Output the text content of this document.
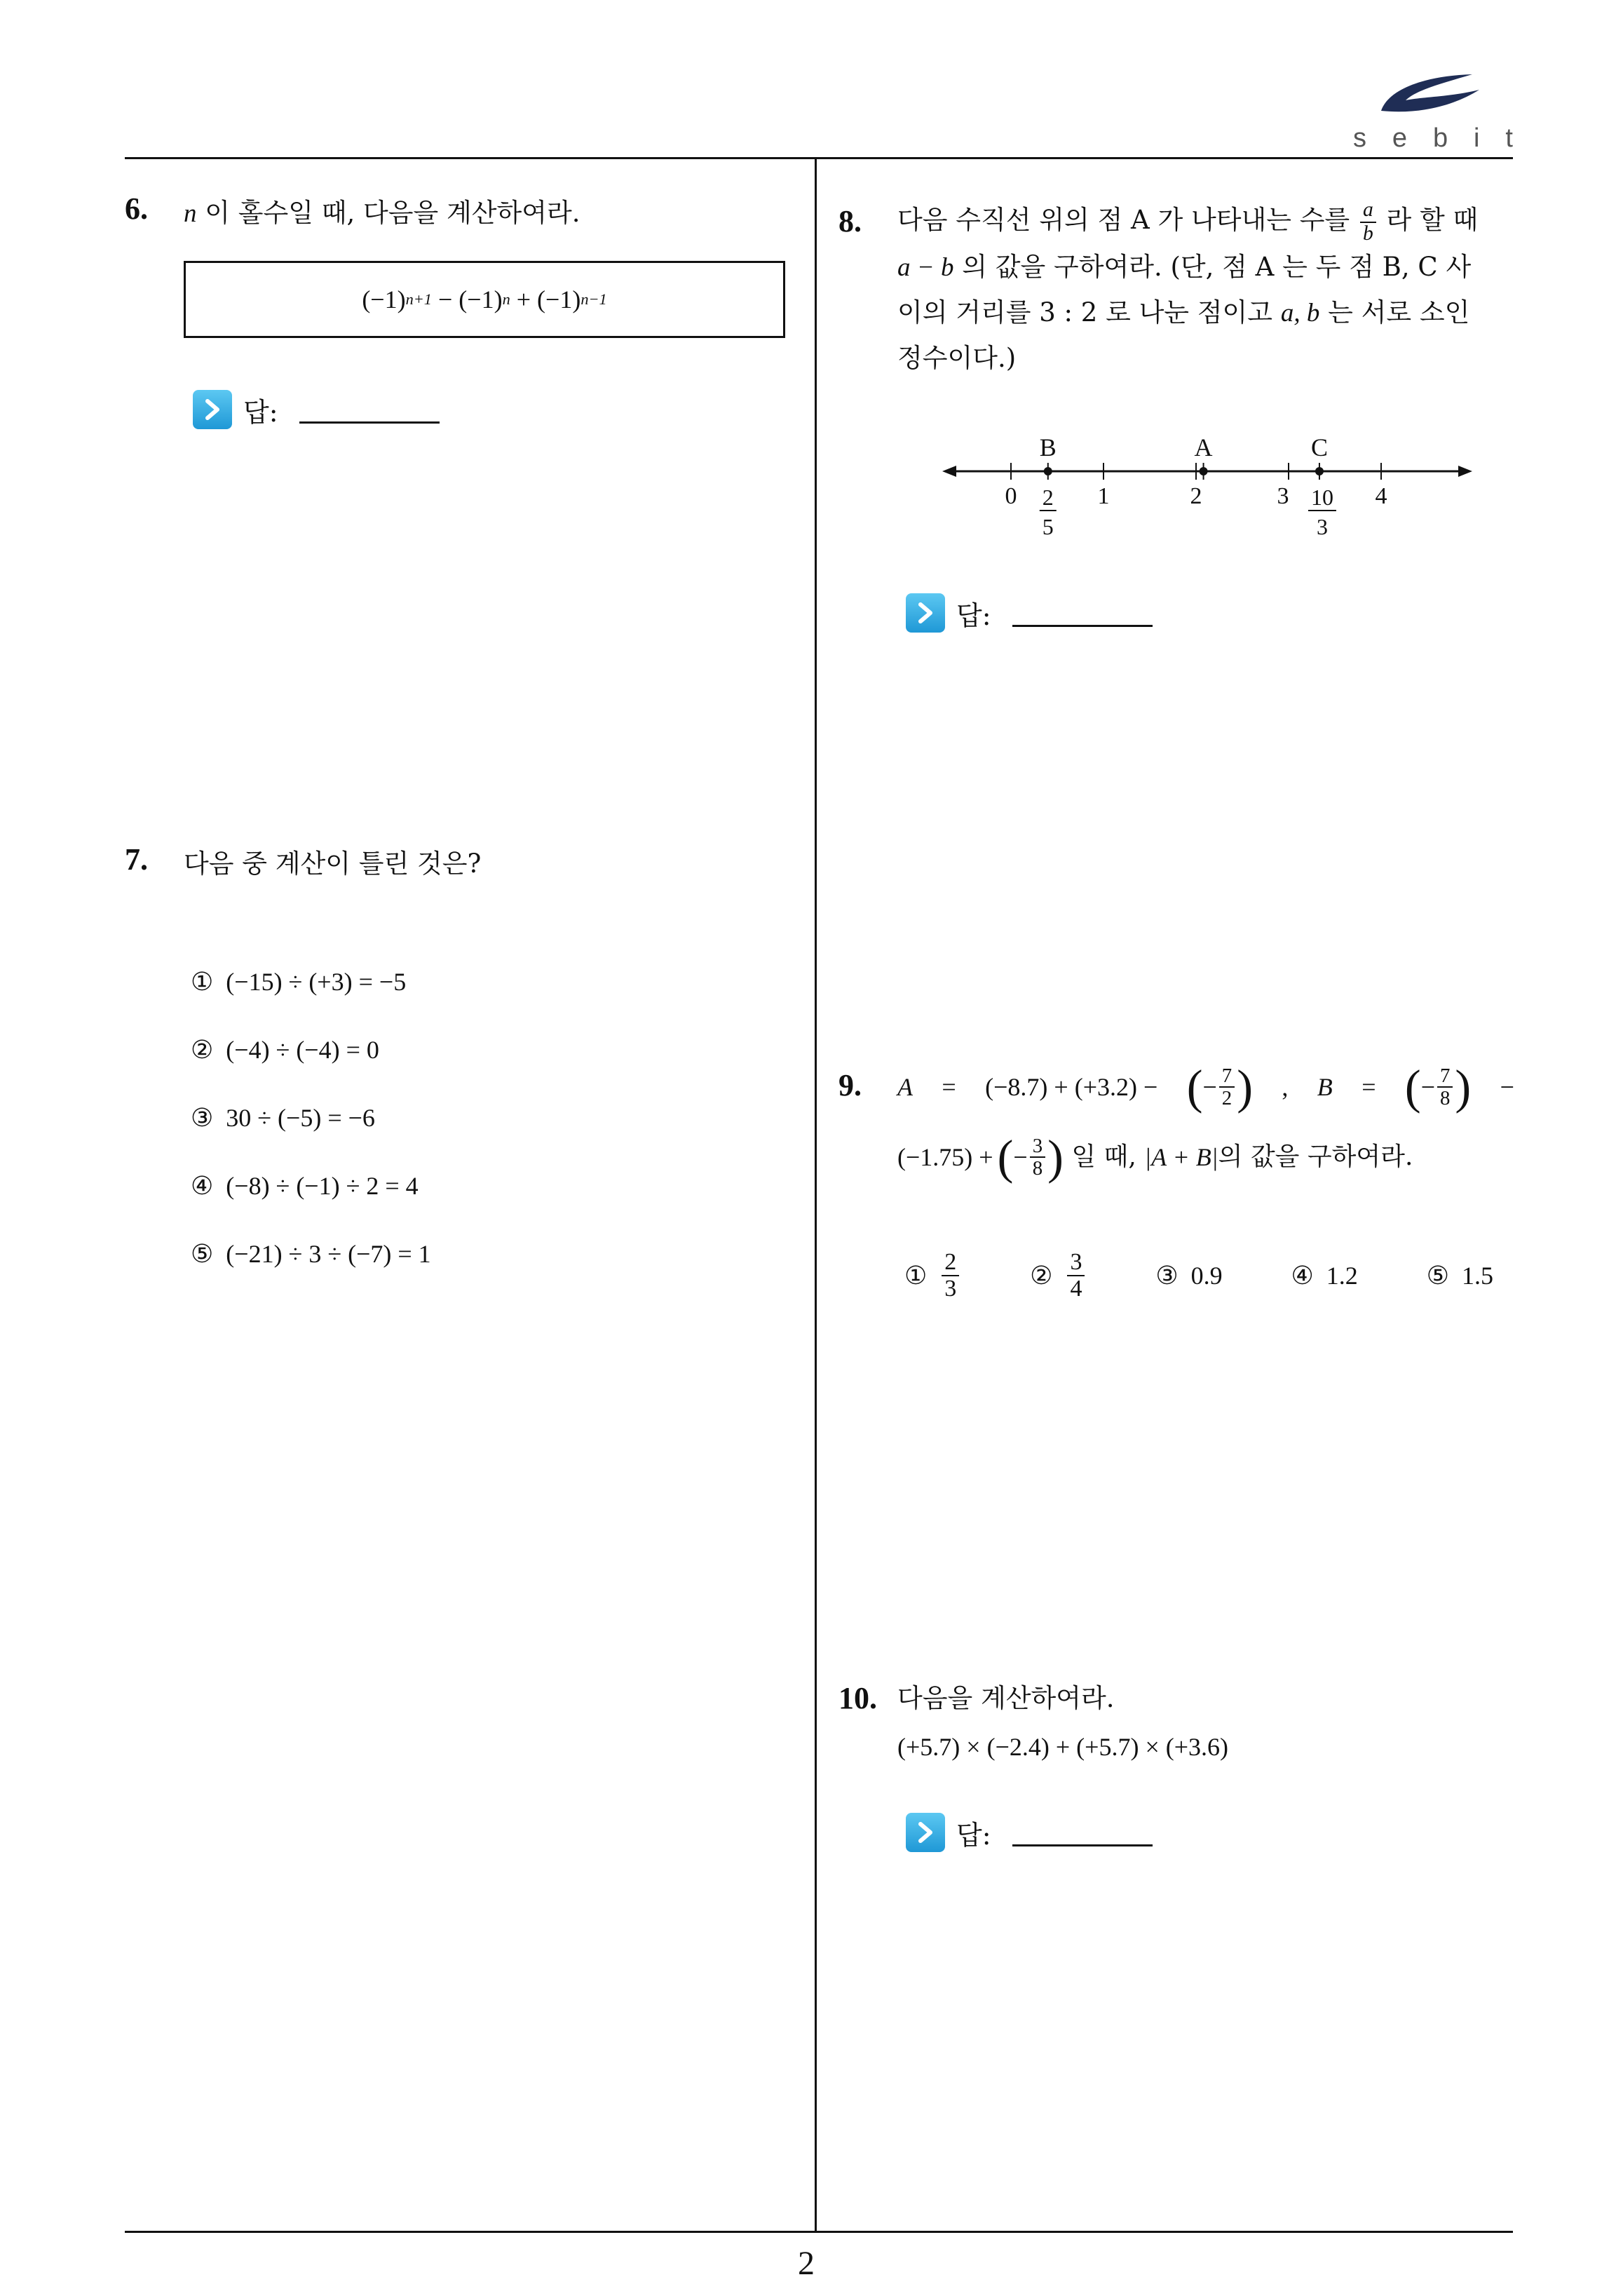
s e b i t
2
6. n 이 홀수일 때, 다음을 계산하여라.
(−1) n+1 − (−1) n + (−1) n−1
답:
7. 다음 중 계산이 틀린 것은?
① (−15) ÷ (+3) = −5
② (−4) ÷ (−4) = 0
③ 30 ÷ (−5) = −6
④ (−8) ÷ (−1) ÷ 2 = 4
⑤ (−21) ÷ 3 ÷ (−7) = 1
8. 다음 수직선 위의 점 A 가 나타내는 수를 $\frac{a}{b}$ 라 할 때
a − b 의 값을 구하여라. (단, 점 A 는 두 점 B, C 사
이의 거리를 3 : 2 로 나눈 점이고 a, b 는 서로 소인
정수이다.)
0	1	2	3	4
B
2
5
A	C
10
3
답:
9. A = (−8.7) + (+3.2) − ( − $\frac{7}{2}$ ) , B = ( − $\frac{7}{8}$ ) −
(−1.75) + ( − $\frac{3}{8}$ ) 일 때, |A + B| 의 값을 구하여라.
①
$\frac{2}{3}$	②
$\frac{3}{4}$	③ 0.9	④ 1.2	⑤ 1.5
10. 다음을 계산하여라.
(+5.7) × (−2.4) + (+5.7) × (+3.6)
답:
